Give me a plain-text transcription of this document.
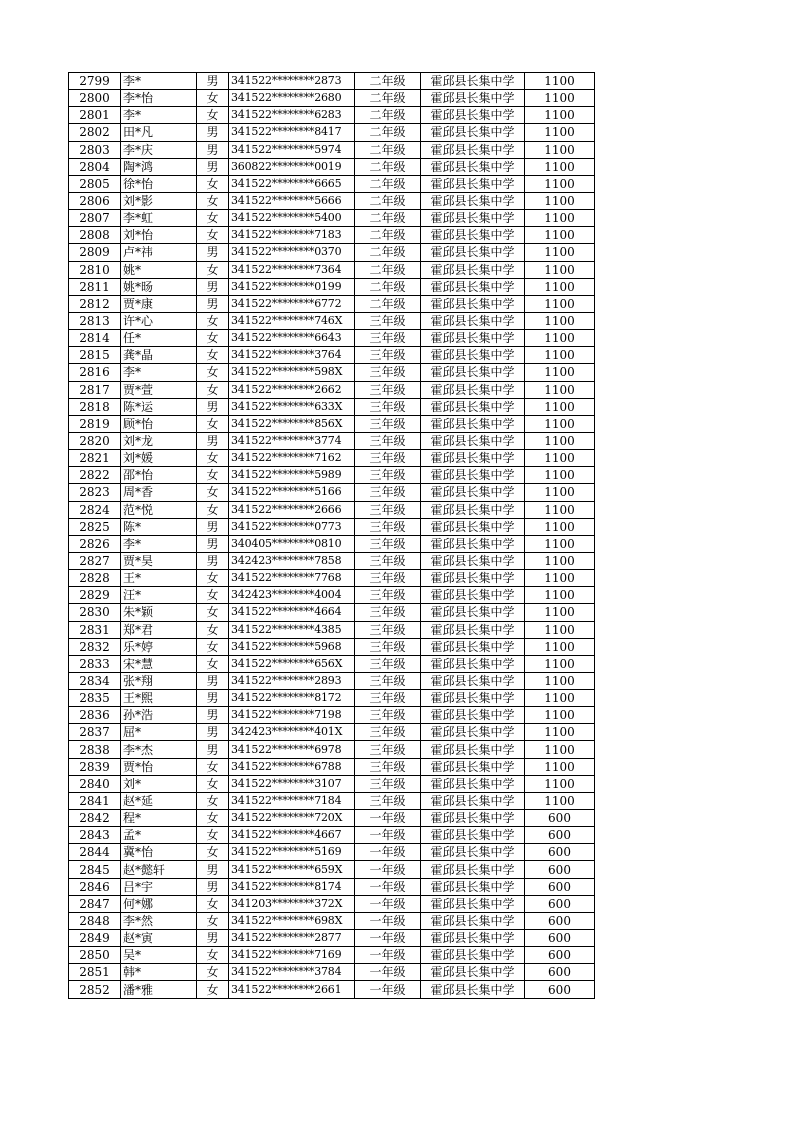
2799	李*	男	341522********2873	二年级	霍邱县长集中学	1100
2800	李*怡	女	341522********2680	二年级	霍邱县长集中学	1100
2801	李*	女	341522********6283	二年级	霍邱县长集中学	1100
2802	田*凡	男	341522********8417	二年级	霍邱县长集中学	1100
2803	李*庆	男	341522********5974	二年级	霍邱县长集中学	1100
2804	陶*鸿	男	360822********0019	二年级	霍邱县长集中学	1100
2805	徐*怡	女	341522********6665	二年级	霍邱县长集中学	1100
2806	刘*影	女	341522********5666	二年级	霍邱县长集中学	1100
2807	李*虹	女	341522********5400	二年级	霍邱县长集中学	1100
2808	刘*怡	女	341522********7183	二年级	霍邱县长集中学	1100
2809	卢*祎	男	341522********0370	二年级	霍邱县长集中学	1100
2810	姚*	女	341522********7364	二年级	霍邱县长集中学	1100
2811	姚*旸	男	341522********0199	二年级	霍邱县长集中学	1100
2812	贾*康	男	341522********6772	二年级	霍邱县长集中学	1100
2813	许*心	女	341522********746X	三年级	霍邱县长集中学	1100
2814	任*	女	341522********6643	三年级	霍邱县长集中学	1100
2815	龚*晶	女	341522********3764	三年级	霍邱县长集中学	1100
2816	李*	女	341522********598X	三年级	霍邱县长集中学	1100
2817	贾*萱	女	341522********2662	三年级	霍邱县长集中学	1100
2818	陈*运	男	341522********633X	三年级	霍邱县长集中学	1100
2819	顾*怡	女	341522********856X	三年级	霍邱县长集中学	1100
2820	刘*龙	男	341522********3774	三年级	霍邱县长集中学	1100
2821	刘*媛	女	341522********7162	三年级	霍邱县长集中学	1100
2822	邵*怡	女	341522********5989	三年级	霍邱县长集中学	1100
2823	周*香	女	341522********5166	三年级	霍邱县长集中学	1100
2824	范*悦	女	341522********2666	三年级	霍邱县长集中学	1100
2825	陈*	男	341522********0773	三年级	霍邱县长集中学	1100
2826	李*	男	340405********0810	三年级	霍邱县长集中学	1100
2827	贾*昊	男	342423********7858	三年级	霍邱县长集中学	1100
2828	王*	女	341522********7768	三年级	霍邱县长集中学	1100
2829	汪*	女	342423********4004	三年级	霍邱县长集中学	1100
2830	朱*颖	女	341522********4664	三年级	霍邱县长集中学	1100
2831	郑*君	女	341522********4385	三年级	霍邱县长集中学	1100
2832	乐*婷	女	341522********5968	三年级	霍邱县长集中学	1100
2833	宋*慧	女	341522********656X	三年级	霍邱县长集中学	1100
2834	张*翔	男	341522********2893	三年级	霍邱县长集中学	1100
2835	王*熙	男	341522********8172	三年级	霍邱县长集中学	1100
2836	孙*浩	男	341522********7198	三年级	霍邱县长集中学	1100
2837	屈*	男	342423********401X	三年级	霍邱县长集中学	1100
2838	李*杰	男	341522********6978	三年级	霍邱县长集中学	1100
2839	贾*怡	女	341522********6788	三年级	霍邱县长集中学	1100
2840	刘*	女	341522********3107	三年级	霍邱县长集中学	1100
2841	赵*延	女	341522********7184	三年级	霍邱县长集中学	1100
2842	程*	女	341522********720X	一年级	霍邱县长集中学	600
2843	孟*	女	341522********4667	一年级	霍邱县长集中学	600
2844	冀*怡	女	341522********5169	一年级	霍邱县长集中学	600
2845	赵*懿轩	男	341522********659X	一年级	霍邱县长集中学	600
2846	吕*宇	男	341522********8174	一年级	霍邱县长集中学	600
2847	何*娜	女	341203********372X	一年级	霍邱县长集中学	600
2848	李*然	女	341522********698X	一年级	霍邱县长集中学	600
2849	赵*寅	男	341522********2877	一年级	霍邱县长集中学	600
2850	吴*	女	341522********7169	一年级	霍邱县长集中学	600
2851	韩*	女	341522********3784	一年级	霍邱县长集中学	600
2852	潘*雅	女	341522********2661	一年级	霍邱县长集中学	600
